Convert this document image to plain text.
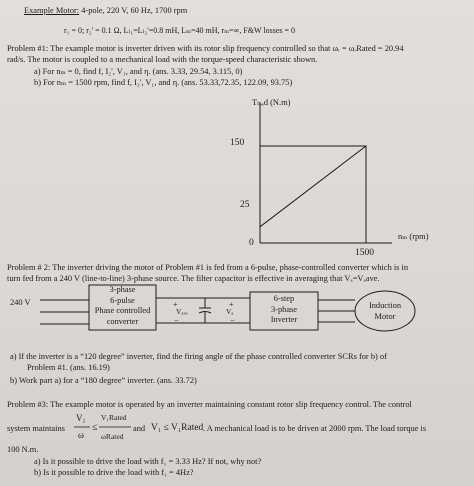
Example Motor: 4-pole, 220 V, 60 Hz, 1700 rpm
r₁ = 0; r₂' = 0.1 Ω, Lₗ₁=Lₗ₂'=0.8 mH, Lₘ=40 mH, rₘ=∞, F&W losses = 0
Problem #1: The example motor is inverter driven with its rotor slip frequency controlled so that ωᵣ = ωᵣRated = 20.94
rad/s. The motor is coupled to a mechanical load with the torque-speed characteristic shown.
a) For nₘ = 0, find f, I₂', V₁, and η. (ans. 3.33, 29.54, 3.115, 0)
b) For nₘ = 1500 rpm, find f, I₂', V₁, and η. (ans. 53.33,72.35, 122.09, 93.75)
Tₗₒₐd (N.m)
nₘ (rpm)
150
25
0
1500
Problem # 2: The inverter driving the motor of Problem #1 is fed from a 6-pulse, phase-controlled converter which is in
turn fed from a 240 V (line-to-line) 3-phase source. The filter capacitor is effective in averaging that Vₐ=Vₐave.
240 V
3-phase
6-pulse
Phase controlled
converter
+
Vₐᵥₑ
−
+
Vₐ
−
6-step
3-phase
Inverter
Induction
Motor
a) If the inverter is a “120 degree” inverter, find the firing angle of the phase controlled converter SCRs for b) of
Problem #1. (ans. 16.19)
b) Work part a) for a “180 degree” inverter. (ans. 33.72)
Problem #3: The example motor is operated by an inverter maintaining constant rotor slip frequency control. The control
system maintains
V₁
ω
≤
V₁Rated
ωRated
and V₁ ≤ V₁Rated . A mechanical load is to be driven at 2000 rpm. The load torque is
100 N.m.
a) Is it possible to drive the load with f₁ = 3.33 Hz? If not, why not?
b) Is it possible to drive the load with f₁ = 4Hz?
